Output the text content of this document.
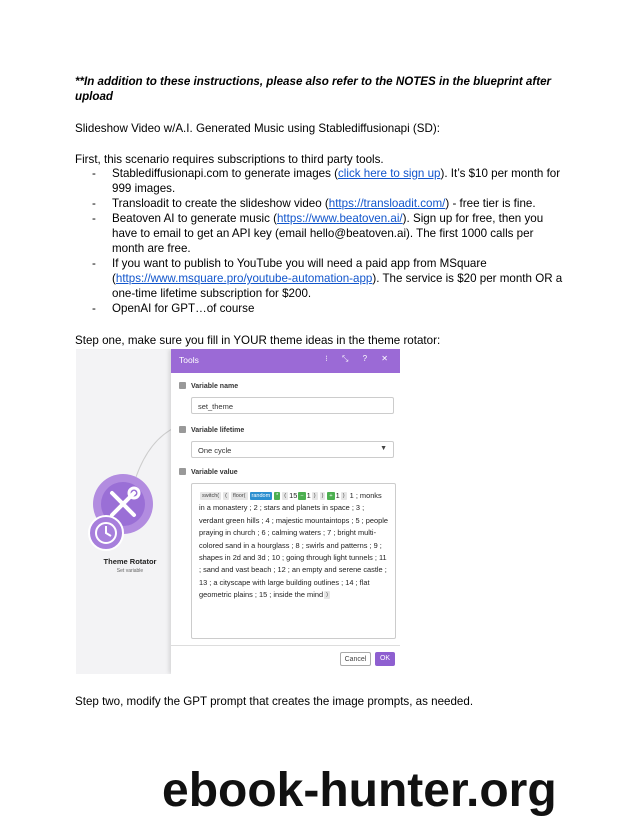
**In addition to these instructions, please also refer to the NOTES in the blueprint after upload

Slideshow Video w/A.I. Generated Music using Stablediffusionapi (SD):

First, this scenario requires subscriptions to third party tools.

- Stablediffusionapi.com to generate images (click here to sign up). It’s $10 per month for 999 images.
- Transloadit to create the slideshow video (https://transloadit.com/) - free tier is fine.
- Beatoven AI to generate music (https://www.beatoven.ai/). Sign up for free, then you have to email to get an API key (email hello@beatoven.ai). The first 1000 calls per month are free.
- If you want to publish to YouTube you will need a paid app from MSquare (https://www.msquare.pro/youtube-automation-app). The service is $20 per month OR a one-time lifetime subscription for $200.
- OpenAI for GPT…of course

Step one, make sure you fill in YOUR theme ideas in the theme rotator:

Theme Rotator
Set variable
Tools	⁝ ⤡ ? ✕
Variable name
set_theme
Variable lifetime
One cycle	▼
Variable value
switch( ( floor( random * ( 15 − 1 ) ) + 1 ) 1 ; monks in a monastery ; 2 ; stars and planets in space ; 3 ; verdant green hills ; 4 ; majestic mountaintops ; 5 ; people praying in church ; 6 ; calming waters ; 7 ; bright multi-colored sand in a hourglass ; 8 ; swirls and patterns ; 9 ; shapes in 2d and 3d ; 10 ; going through light tunnels ; 11 ; sand and vast beach ; 12 ; an empty and serene castle ; 13 ; a cityscape with large building outlines ; 14 ; flat geometric plains ; 15 ; inside the mind )
Cancel	OK

Step two, modify the GPT prompt that creates the image prompts, as needed.

ebook-hunter.org
